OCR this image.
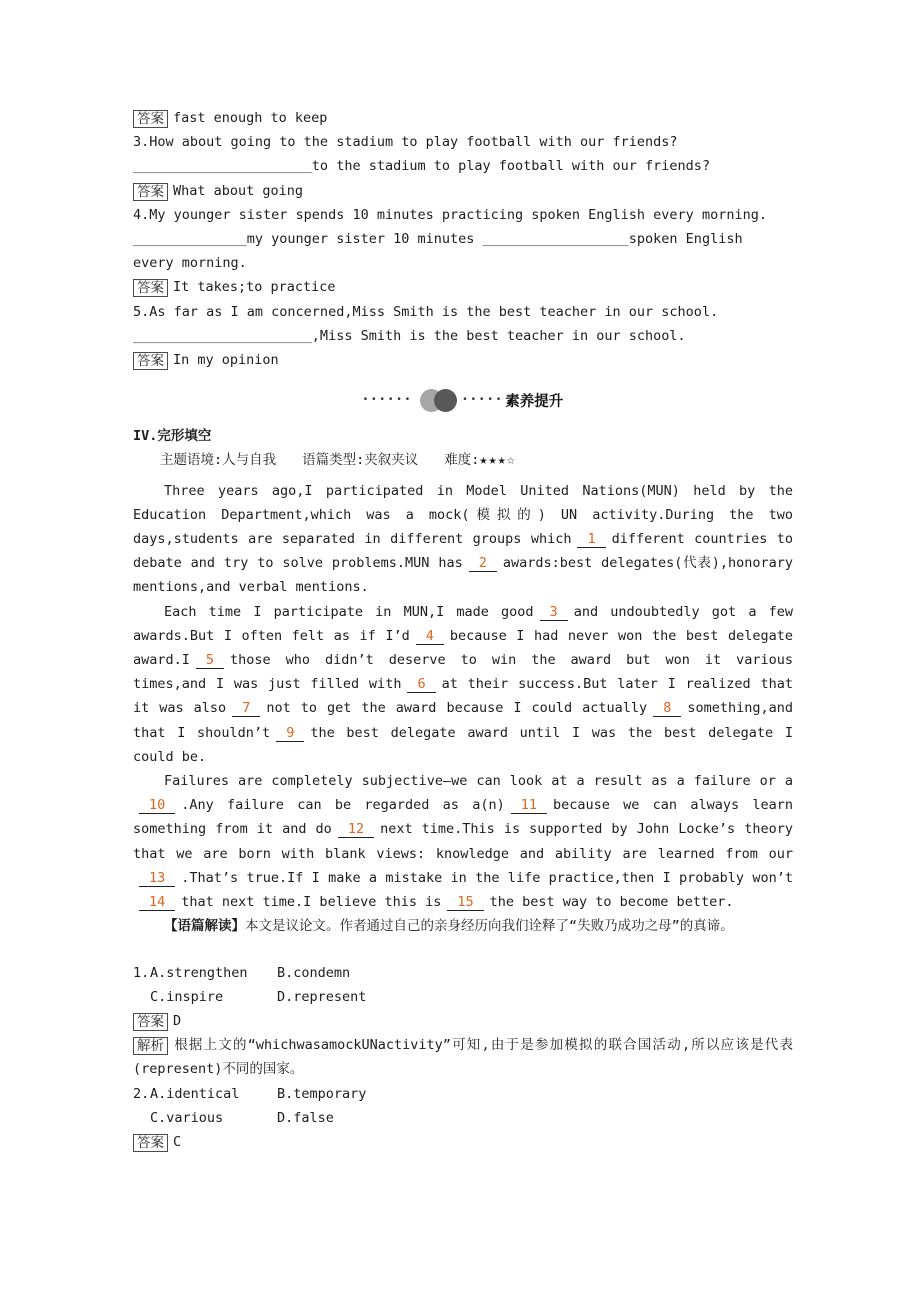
答案 fast enough to keep
3.How about going to the stadium to play football with our friends?
______________________to the stadium to play football with our friends?
答案 What about going
4.My younger sister spends 10 minutes practicing spoken English every morning.
______________my younger sister 10 minutes __________________spoken English
every morning.
答案 It takes;to practice
5.As far as I am concerned,Miss Smith is the best teacher in our school.
______________________,Miss Smith is the best teacher in our school.
答案 In my opinion
••••••	••••• 素养提升
IV.完形填空
主题语境:人与自我 语篇类型:夹叙夹议 难度:★★★☆

Three years ago,I participated in Model United Nations(MUN) held by the Education Department,which was a mock(模拟的) UN activity.During the two days,students are separated in different groups which 1 different countries to debate and try to solve problems.MUN has 2 awards:best delegates(代表),honorary mentions,and verbal mentions.

Each time I participate in MUN,I made good 3 and undoubtedly got a few awards.But I often felt as if I’d 4 because I had never won the best delegate award.I 5 those who didn’t deserve to win the award but won it various times,and I was just filled with 6 at their success.But later I realized that it was also 7 not to get the award because I could actually 8 something,and that I shouldn’t 9 the best delegate award until I was the best delegate I could be.

Failures are completely subjective—we can look at a result as a failure or a10 .Any failure can be regarded as a(n) 11 because we can always learn something from it and do 12 next time.This is supported by John Locke’s theory that we are born with blank views: knowledge and ability are learned from our13 .That’s true.If I make a mistake in the life practice,then I probably won’t14 that next time.I believe this is 15 the best way to become better.

【语篇解读】本文是议论文。作者通过自己的亲身经历向我们诠释了“失败乃成功之母”的真谛。

1. A.strengthen	B.condemn
C.inspire	D.represent
答案 D

解析 根据上文的“whichwasamockUNactivity”可知,由于是参加模拟的联合国活动,所以应该是代表(represent)不同的国家。

2. A.identical	B.temporary
C.various	D.false
答案 C
